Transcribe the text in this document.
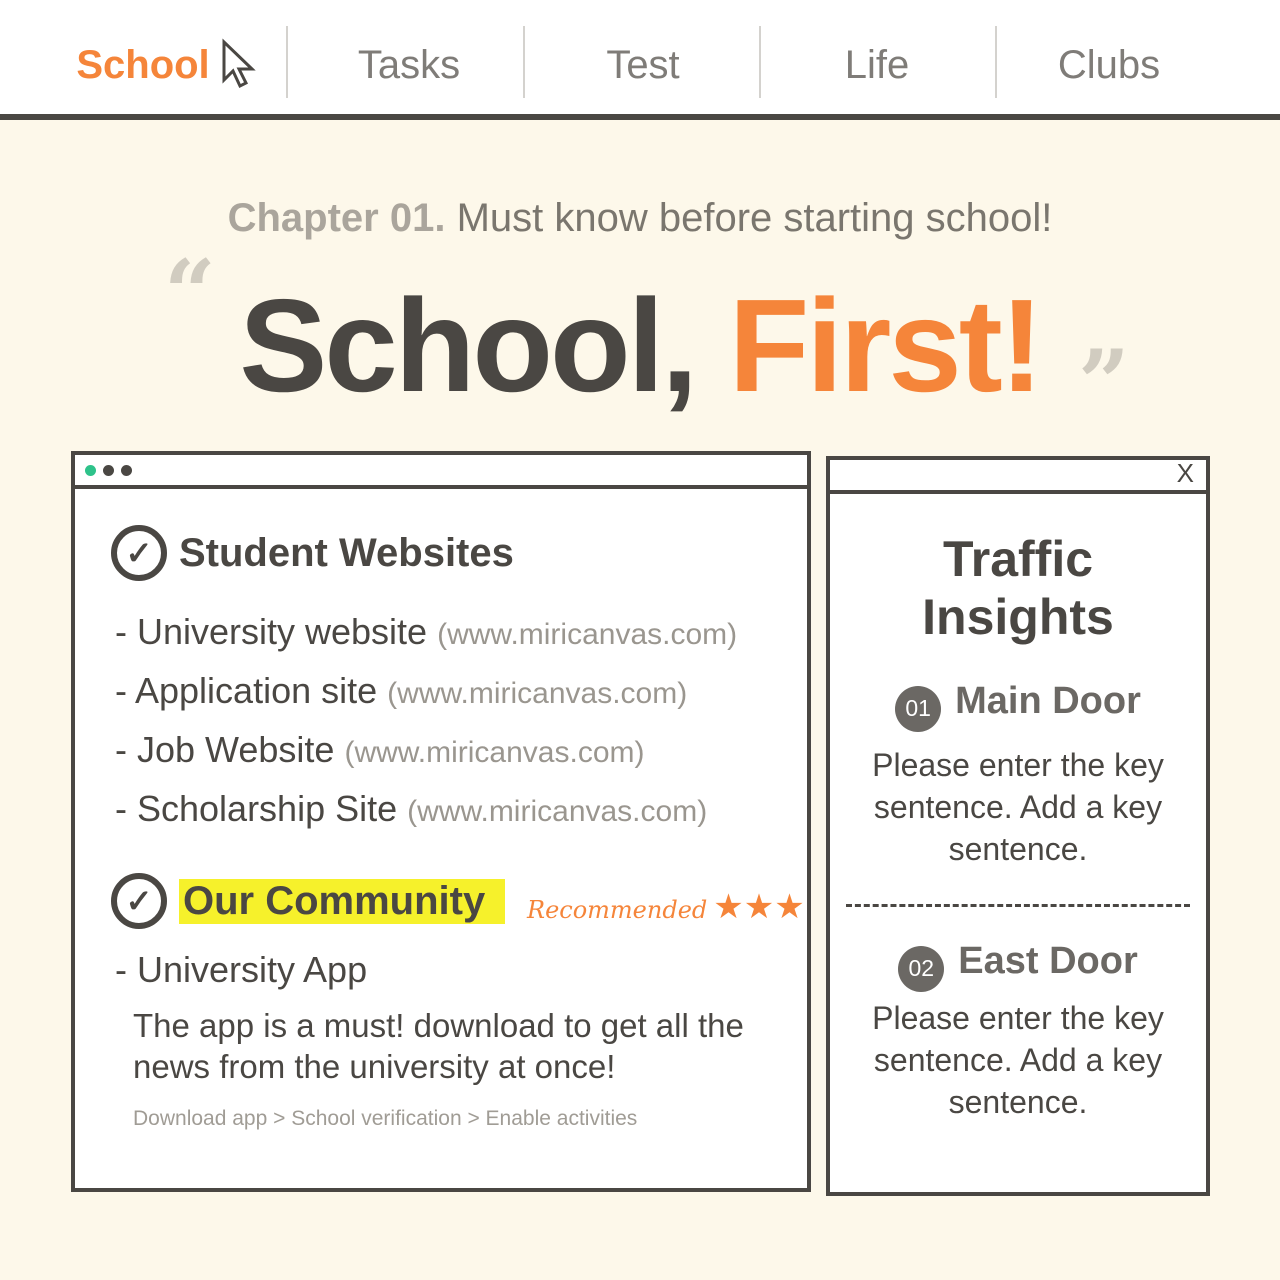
School	Tasks	Test	Life	Clubs
Chapter 01. Must know before starting school!
“ School, First! ”
✓ Student Websites
- University website (www.miricanvas.com)
- Application site (www.miricanvas.com)
- Job Website (www.miricanvas.com)
- Scholarship Site (www.miricanvas.com)
✓ Our Community	Recommended ★★★
- University App
The app is a must! download to get all the news from the university at once!
Download app > School verification > Enable activities
X
Traffic
Insights
01 Main Door
Please enter the key sentence. Add a key sentence.
02 East Door
Please enter the key sentence. Add a key sentence.
